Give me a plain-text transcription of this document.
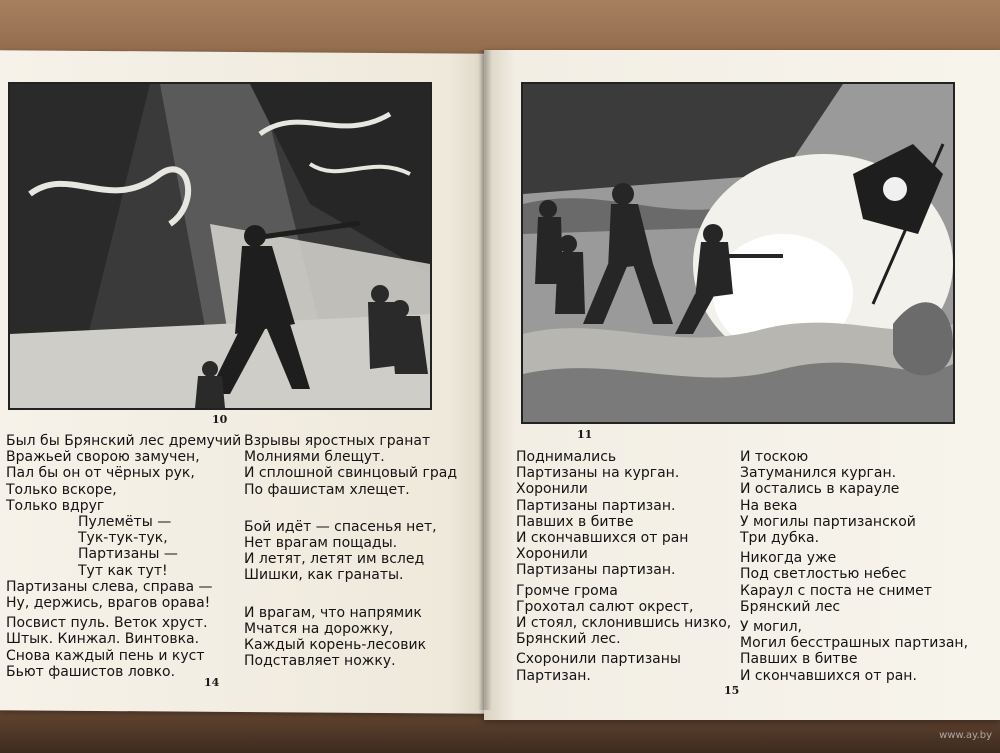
10
11
Был бы Брянский лес дремучий
Вражьей сворою замучен,
Пал бы он от чёрных рук,
Только вскоре,
Только вдруг
Пулемёты —
Тук-тук-тук,
Партизаны —
Тут как тут!
Партизаны слева, справа —
Ну, держись, врагов орава!
Посвист пуль. Веток хруст.
Штык. Кинжал. Винтовка.
Снова каждый пень и куст
Бьют фашистов ловко.
Взрывы яростных гранат
Молниями блещут.
И сплошной свинцовый град
По фашистам хлещет.
Бой идёт — спасенья нет,
Нет врагам пощады.
И летят, летят им вслед
Шишки, как гранаты.
И врагам, что напрямик
Мчатся на дорожку,
Каждый корень-лесовик
Подставляет ножку.
Поднимались
Партизаны на курган.
Хоронили
Партизаны партизан.
Павших в битве
И скончавшихся от ран
Хоронили
Партизаны партизан.
Громче грома
Грохотал салют окрест,
И стоял, склонившись низко,
Брянский лес.
Схоронили партизаны
Партизан.
И тоскою
Затуманился курган.
И остались в карауле
На века
У могилы партизанской
Три дубка.
Никогда уже
Под светлостью небес
Караул с поста не снимет
Брянский лес
У могил,
Могил бесстрашных партизан,
Павших в битве
И скончавшихся от ран.
14
15
www.ay.by
